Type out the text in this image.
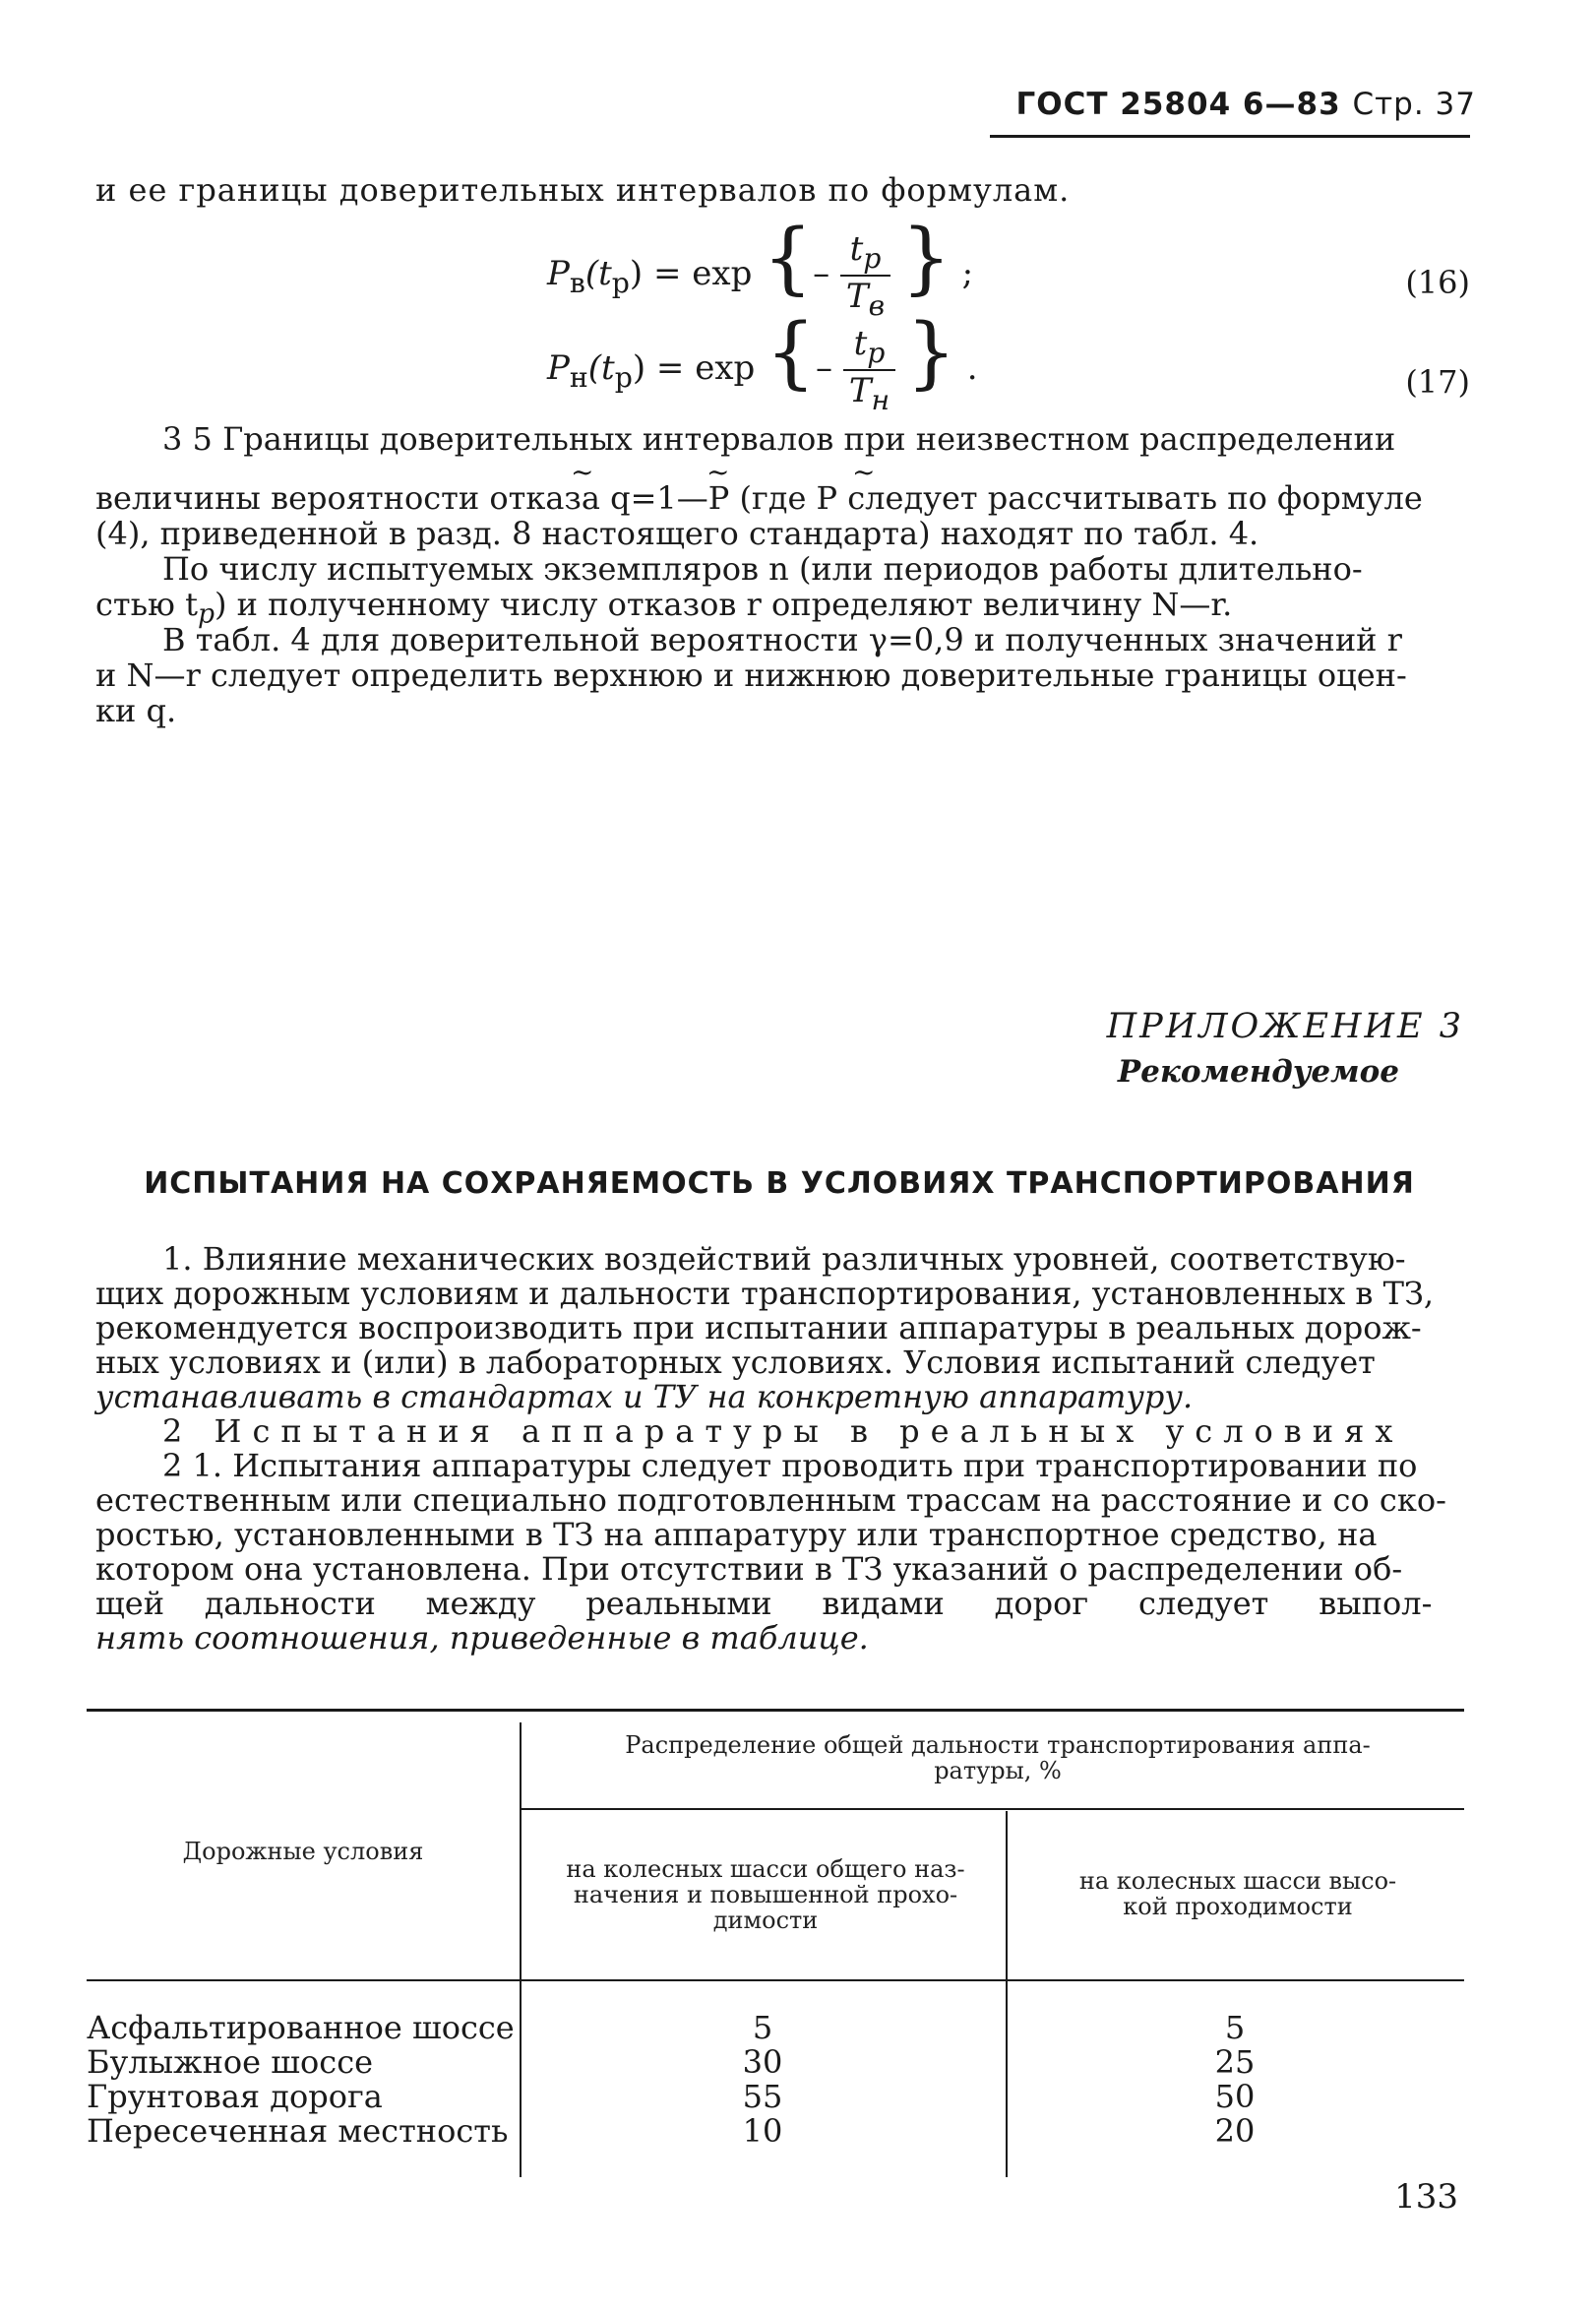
ГОСТ 25804 6—83 Стр. 37
и ее границы доверительных интервалов по формулам.
$P_в(t_р) = \exp$ {– $\frac{t_р}{T_в}$ } ;	(16)
$P_н(t_р) = \exp$ {– $\frac{t_р}{T_н}$ } .	(17)
3 5 Границы доверительных интервалов при неизвестном распределении
~	~	~
величины вероятности отказа q=1—P (где P следует рассчитывать по формуле
(4), приведенной в разд. 8 настоящего стандарта) находят по табл. 4.
По числу испытуемых экземпляров n (или периодов работы длительно-
стью $t_р$) и полученному числу отказов r определяют величину N—r.
В табл. 4 для доверительной вероятности γ=0,9 и полученных значений r
и N—r следует определить верхнюю и нижнюю доверительные границы оцен-
ки q.
ПРИЛОЖЕНИЕ 3
Рекомендуемое
ИСПЫТАНИЯ НА СОХРАНЯЕМОСТЬ В УСЛОВИЯХ ТРАНСПОРТИРОВАНИЯ
1. Влияние механических воздействий различных уровней, соответствую-
щих дорожным условиям и дальности транспортирования, установленных в ТЗ,
рекомендуется воспроизводить при испытании аппаратуры в реальных дорож-
ных условиях и (или) в лабораторных условиях. Условия испытаний следует
устанавливать в стандартах и ТУ на конкретную аппаратуру.
2 Испытания аппаратуры в реальных условиях
2 1. Испытания аппаратуры следует проводить при транспортировании по
естественным или специально подготовленным трассам на расстояние и со ско-
ростью, установленными в ТЗ на аппаратуру или транспортное средство, на
котором она установлена. При отсутствии в ТЗ указаний о распределении об-
щей    дальности     между     реальными     видами     дорог     следует     выпол-
нять соотношения, приведенные в таблице.
Дорожные условия
Распределение общей дальности транспортирования аппа-
ратуры, %
на колесных шасси общего наз-
начения и повышенной прохо-
димости
на колесных шасси высо-
кой проходимости
Асфальтированное шоссе	5	5
Булыжное шоссе	30	25
Грунтовая дорога	55	50
Пересеченная местность	10	20
133
